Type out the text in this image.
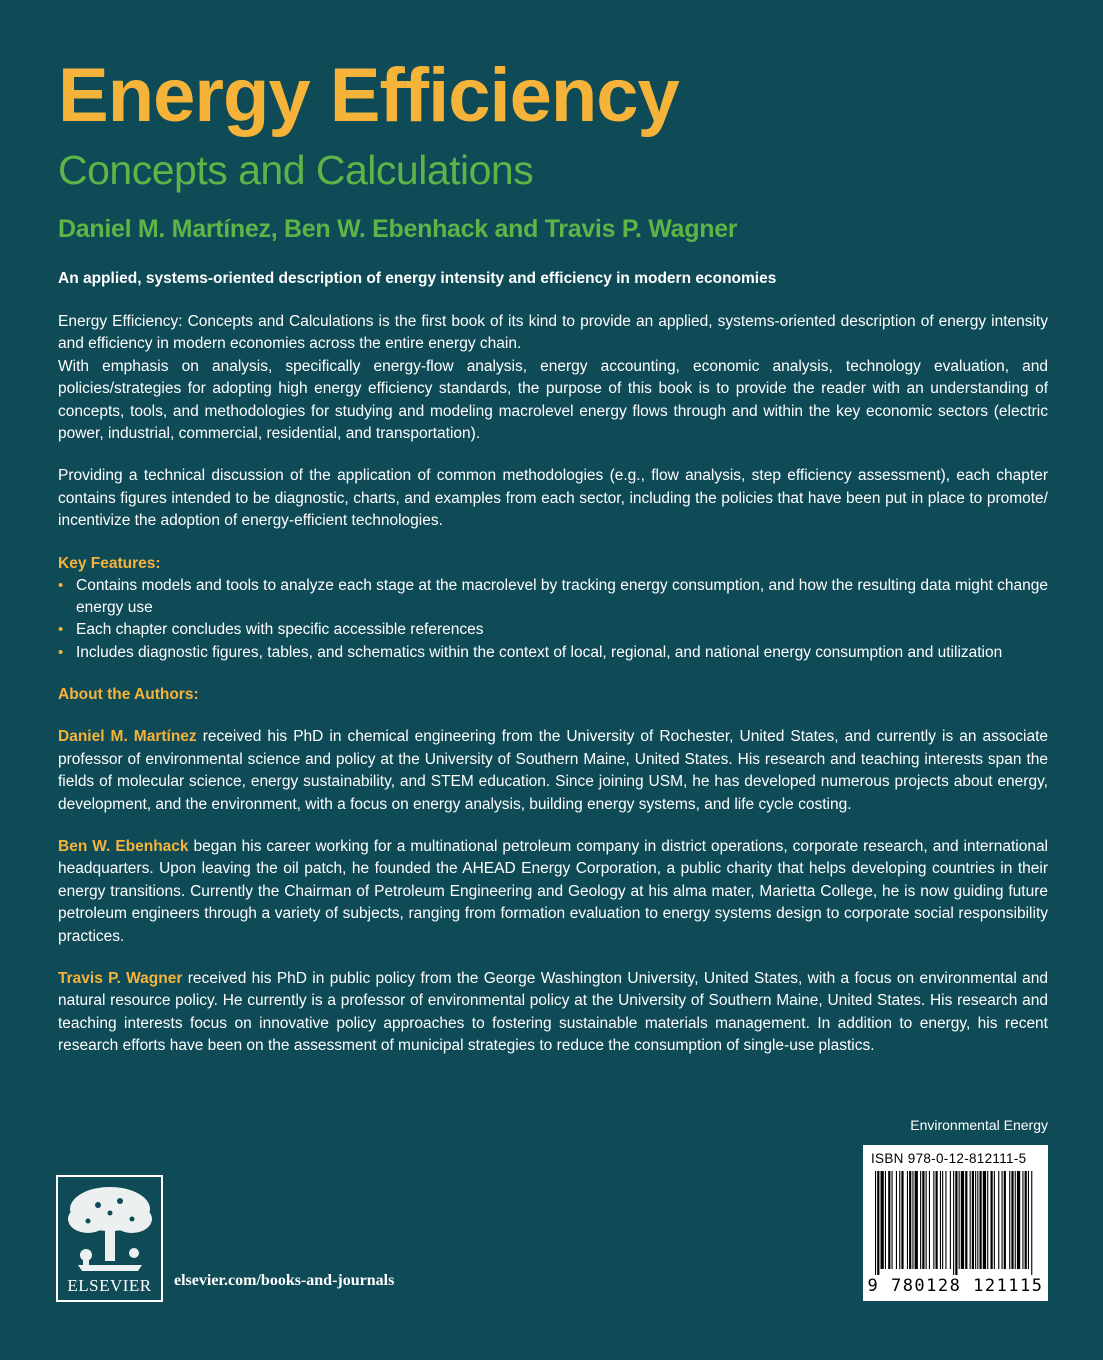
Energy Efficiency
Concepts and Calculations
Daniel M. Martínez, Ben W. Ebenhack and Travis P. Wagner
An applied, systems-oriented description of energy intensity and efficiency in modern economies

Energy Efficiency: Concepts and Calculations is the first book of its kind to provide an applied, systems-oriented description of energy intensity and efficiency in modern economies across the entire energy chain.

With emphasis on analysis, specifically energy-flow analysis, energy accounting, economic analysis, technology evaluation, and policies/strategies for adopting high energy efficiency standards, the purpose of this book is to provide the reader with an understanding of concepts, tools, and methodologies for studying and modeling macrolevel energy flows through and within the key economic sectors (electric power, industrial, commercial, residential, and transportation).

Providing a technical discussion of the application of common methodologies (e.g., flow analysis, step efficiency assessment), each chapter contains figures intended to be diagnostic, charts, and examples from each sector, including the policies that have been put in place to promote/ incentivize the adoption of energy-efficient technologies.

Key Features:
• Contains models and tools to analyze each stage at the macrolevel by tracking energy consumption, and how the resulting data might change energy use
• Each chapter concludes with specific accessible references
• Includes diagnostic figures, tables, and schematics within the context of local, regional, and national energy consumption and utilization
About the Authors:

Daniel M. Martínez received his PhD in chemical engineering from the University of Rochester, United States, and currently is an associate professor of environmental science and policy at the University of Southern Maine, United States. His research and teaching interests span the fields of molecular science, energy sustainability, and STEM education. Since joining USM, he has developed numerous projects about energy, development, and the environment, with a focus on energy analysis, building energy systems, and life cycle costing.

Ben W. Ebenhack began his career working for a multinational petroleum company in district operations, corporate research, and international headquarters. Upon leaving the oil patch, he founded the AHEAD Energy Corporation, a public charity that helps developing countries in their energy transitions. Currently the Chairman of Petroleum Engineering and Geology at his alma mater, Marietta College, he is now guiding future petroleum engineers through a variety of subjects, ranging from formation evaluation to energy systems design to corporate social responsibility practices.

Travis P. Wagner received his PhD in public policy from the George Washington University, United States, with a focus on environmental and natural resource policy. He currently is a professor of environmental policy at the University of Southern Maine, United States. His research and teaching interests focus on innovative policy approaches to fostering sustainable materials management. In addition to energy, his recent research efforts have been on the assessment of municipal strategies to reduce the consumption of single-use plastics.

Environmental Energy
ISBN 978-0-12-812111-5
9 780128 121115
ELSEVIER	elsevier.com/books-and-journals
